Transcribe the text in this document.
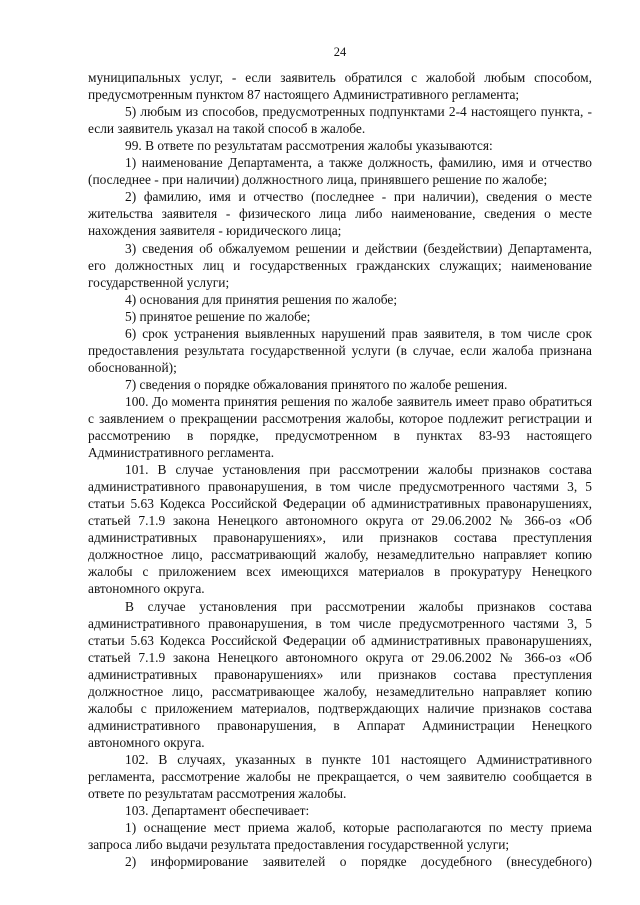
24

муниципальных услуг, - если заявитель обратился с жалобой любым способом, предусмотренным пунктом 87 настоящего Административного регламента;

5) любым из способов, предусмотренных подпунктами 2-4 настоящего пункта, - если заявитель указал на такой способ в жалобе.

99. В ответе по результатам рассмотрения жалобы указываются:

1) наименование Департамента, а также должность, фамилию, имя и отчество (последнее - при наличии) должностного лица, принявшего решение по жалобе;

2) фамилию, имя и отчество (последнее - при наличии), сведения о месте жительства заявителя - физического лица либо наименование, сведения о месте нахождения заявителя - юридического лица;

3) сведения об обжалуемом решении и действии (бездействии) Департамента, его должностных лиц и государственных гражданских служащих; наименование государственной услуги;

4) основания для принятия решения по жалобе;

5) принятое решение по жалобе;

6) срок устранения выявленных нарушений прав заявителя, в том числе срок предоставления результата государственной услуги (в случае, если жалоба признана обоснованной);

7) сведения о порядке обжалования принятого по жалобе решения.

100. До момента принятия решения по жалобе заявитель имеет право обратиться с заявлением о прекращении рассмотрения жалобы, которое подлежит регистрации и рассмотрению в порядке, предусмотренном в пунктах 83-93 настоящего Административного регламента.

101. В случае установления при рассмотрении жалобы признаков состава административного правонарушения, в том числе предусмотренного частями 3, 5 статьи 5.63 Кодекса Российской Федерации об административных правонарушениях, статьей 7.1.9 закона Ненецкого автономного округа от 29.06.2002 № 366-оз «Об административных правонарушениях», или признаков состава преступления должностное лицо, рассматривающий жалобу, незамедлительно направляет копию жалобы с приложением всех имеющихся материалов в прокуратуру Ненецкого автономного округа.

В случае установления при рассмотрении жалобы признаков состава административного правонарушения, в том числе предусмотренного частями 3, 5 статьи 5.63 Кодекса Российской Федерации об административных правонарушениях, статьей 7.1.9 закона Ненецкого автономного округа от 29.06.2002 № 366-оз «Об административных правонарушениях» или признаков состава преступления должностное лицо, рассматривающее жалобу, незамедлительно направляет копию жалобы с приложением материалов, подтверждающих наличие признаков состава административного правонарушения, в Аппарат Администрации Ненецкого автономного округа.

102. В случаях, указанных в пункте 101 настоящего Административного регламента, рассмотрение жалобы не прекращается, о чем заявителю сообщается в ответе по результатам рассмотрения жалобы.

103. Департамент обеспечивает:

1) оснащение мест приема жалоб, которые располагаются по месту приема запроса либо выдачи результата предоставления государственной услуги;

2) информирование заявителей о порядке досудебного (внесудебного)
